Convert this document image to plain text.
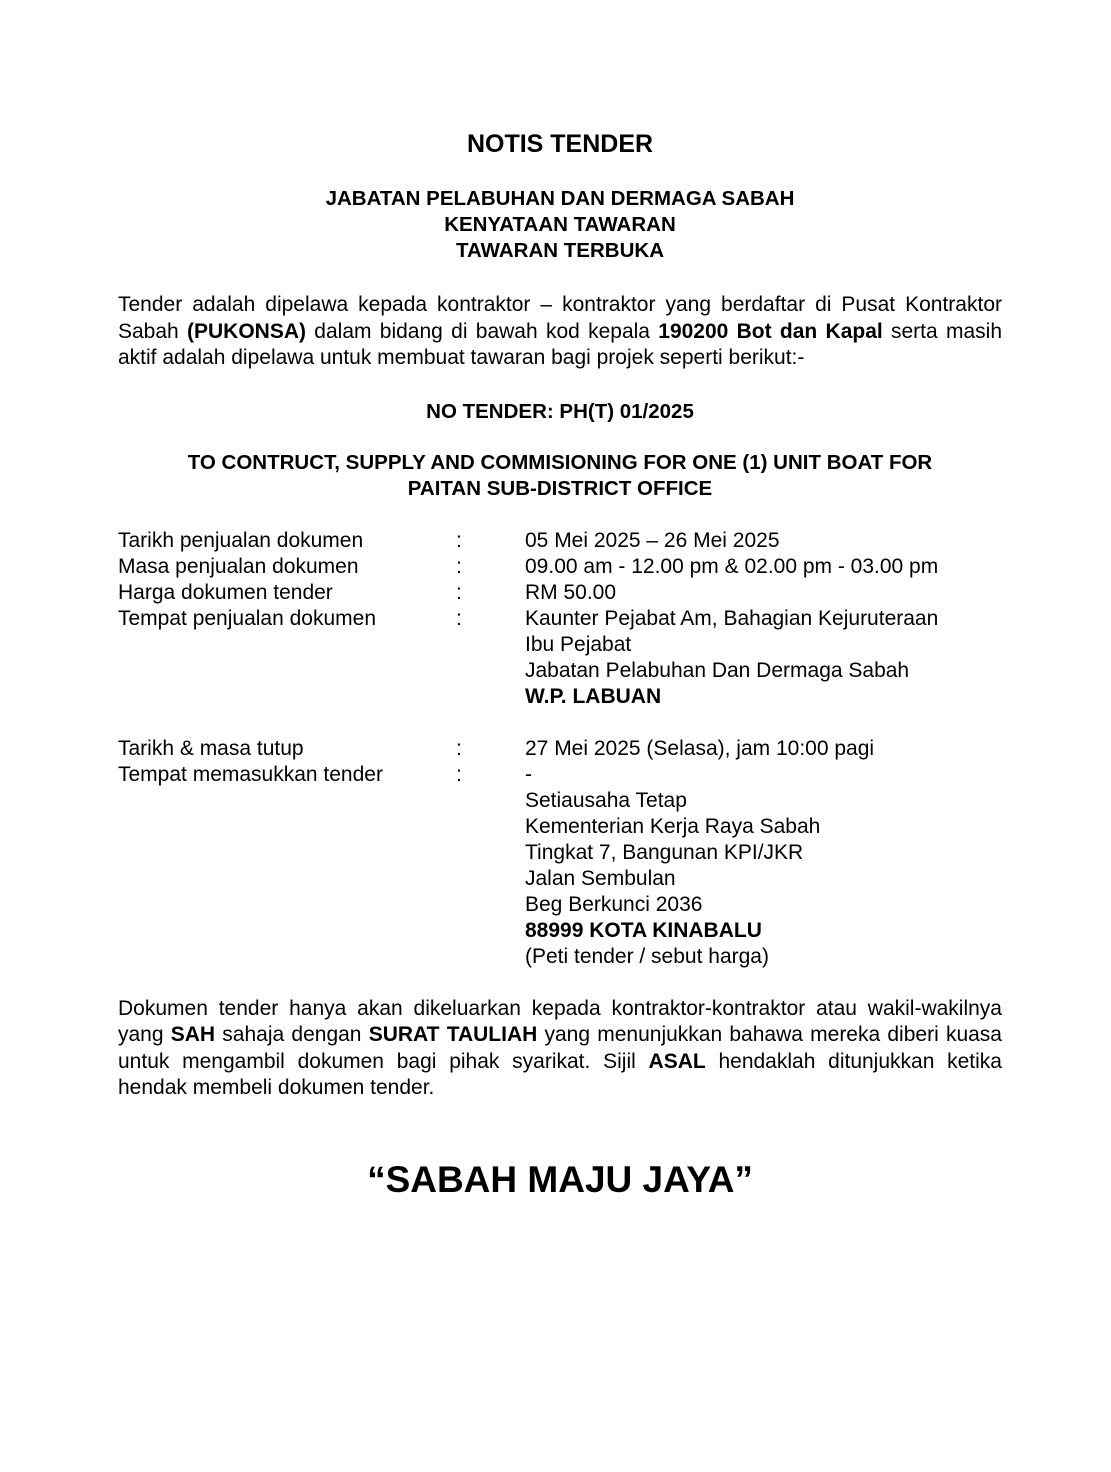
NOTIS TENDER
JABATAN PELABUHAN DAN DERMAGA SABAH
KENYATAAN TAWARAN
TAWARAN TERBUKA
Tender adalah dipelawa kepada kontraktor – kontraktor yang berdaftar di Pusat Kontraktor Sabah (PUKONSA) dalam bidang di bawah kod kepala 190200 Bot dan Kapal serta masih aktif adalah dipelawa untuk membuat tawaran bagi projek seperti berikut:-
NO TENDER: PH(T) 01/2025
TO CONTRUCT, SUPPLY AND COMMISIONING FOR ONE (1) UNIT BOAT FOR
PAITAN SUB-DISTRICT OFFICE
Tarikh penjualan dokumen	:	05 Mei 2025 – 26 Mei 2025
Masa penjualan dokumen	:	09.00 am - 12.00 pm & 02.00 pm - 03.00 pm
Harga dokumen tender	:	RM 50.00
Tempat penjualan dokumen	:	Kaunter Pejabat Am, Bahagian Kejuruteraan
Ibu Pejabat
Jabatan Pelabuhan Dan Dermaga Sabah
W.P. LABUAN
Tarikh & masa tutup	:	27 Mei 2025 (Selasa), jam 10:00 pagi
Tempat memasukkan tender	:	-
Setiausaha Tetap
Kementerian Kerja Raya Sabah
Tingkat 7, Bangunan KPI/JKR
Jalan Sembulan
Beg Berkunci 2036
88999 KOTA KINABALU
(Peti tender / sebut harga)
Dokumen tender hanya akan dikeluarkan kepada kontraktor-kontraktor atau wakil-wakilnya yang SAH sahaja dengan SURAT TAULIAH yang menunjukkan bahawa mereka diberi kuasa untuk mengambil dokumen bagi pihak syarikat. Sijil ASAL hendaklah ditunjukkan ketika hendak membeli dokumen tender.
“SABAH MAJU JAYA”
